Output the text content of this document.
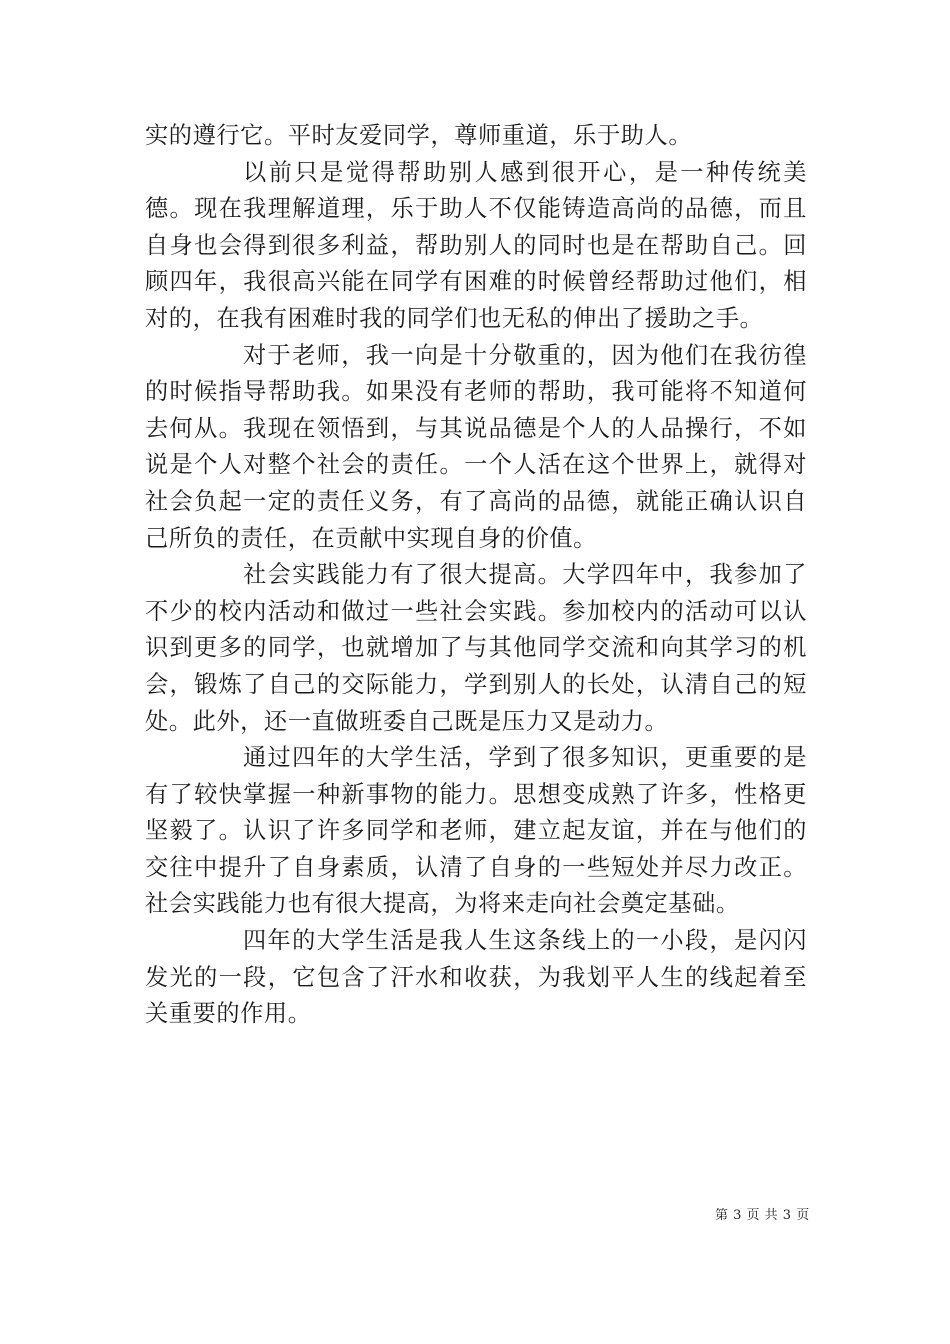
实的遵行它。平时友爱同学，尊师重道，乐于助人。

以前只是觉得帮助别人感到很开心，是一种传统美德。现在我理解道理，乐于助人不仅能铸造高尚的品德，而且自身也会得到很多利益，帮助别人的同时也是在帮助自己。回顾四年，我很高兴能在同学有困难的时候曾经帮助过他们，相对的，在我有困难时我的同学们也无私的伸出了援助之手。

对于老师，我一向是十分敬重的，因为他们在我彷徨的时候指导帮助我。如果没有老师的帮助，我可能将不知道何去何从。我现在领悟到，与其说品德是个人的人品操行，不如说是个人对整个社会的责任。一个人活在这个世界上，就得对社会负起一定的责任义务，有了高尚的品德，就能正确认识自己所负的责任，在贡献中实现自身的价值。

社会实践能力有了很大提高。大学四年中，我参加了不少的校内活动和做过一些社会实践。参加校内的活动可以认识到更多的同学，也就增加了与其他同学交流和向其学习的机会，锻炼了自己的交际能力，学到别人的长处，认清自己的短处。此外，还一直做班委自己既是压力又是动力。

通过四年的大学生活，学到了很多知识，更重要的是有了较快掌握一种新事物的能力。思想变成熟了许多，性格更坚毅了。认识了许多同学和老师，建立起友谊，并在与他们的交往中提升了自身素质，认清了自身的一些短处并尽力改正。社会实践能力也有很大提高，为将来走向社会奠定基础。

四年的大学生活是我人生这条线上的一小段，是闪闪发光的一段，它包含了汗水和收获，为我划平人生的线起着至关重要的作用。

第 3 页 共 3 页
